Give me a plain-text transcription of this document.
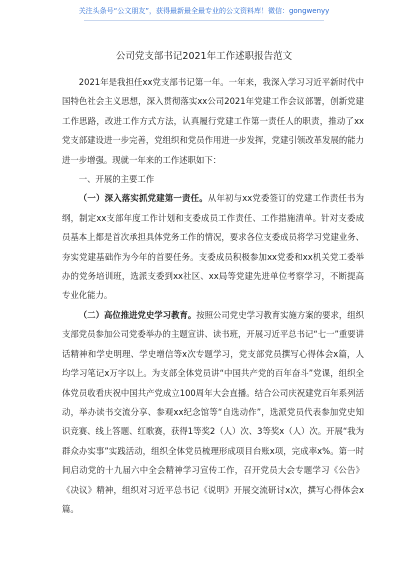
关注头条号“公文朋友”，获得最新最全最专业的公文资料库！微信：gongwenyy
公司党支部书记2021年工作述职报告范文

2021年是我担任xx党支部书记第一年。一年来，我深入学习习近平新时代中国特色社会主义思想，深入贯彻落实xx公司2021年党建工作会议部署，创新党建工作思路，改进工作方式方法，认真履行党建工作第一责任人的职责，推动了xx党支部建设进一步完善，党组织和党员作用进一步发挥，党建引领改革发展的能力进一步增强。现就一年来的工作述职如下：

一、开展的主要工作

（一）深入落实抓党建第一责任。从年初与xx党委签订的党建工作责任书为纲，制定xx支部年度工作计划和支委成员工作责任、工作措施清单。针对支委成员基本上都是首次承担具体党务工作的情况，要求各位支委成员将学习党建业务、夯实党建基础作为今年的首要任务。支委成员积极参加xx党委和xx机关党工委举办的党务培训班，选派支委到xx社区、xx局等党建先进单位考察学习，不断提高专业化能力。

（二）高位推进党史学习教育。按照公司党史学习教育实施方案的要求，组织支部党员参加公司党委举办的主题宣讲、读书班，开展习近平总书记“七一”重要讲话精神和学史明理、学史增信等x次专题学习，党支部党员撰写心得体会x篇，人均学习笔记x万字以上。为支部全体党员讲“中国共产党的百年奋斗”党课，组织全体党员收看庆祝中国共产党成立100周年大会直播。结合公司庆祝建党百年系列活动，举办读书交流分享、参观xx纪念馆等“自选动作”，选派党员代表参加党史知识竞赛、线上答题、红歌赛，获得1等奖2（人）次、3等奖x（人）次。开展“我为群众办实事”实践活动，组织全体党员梳理形成项目台账x项，完成率x%。第一时间启动党的十九届六中全会精神学习宣传工作，召开党员大会专题学习《公告》《决议》精神，组织对习近平总书记《说明》开展交流研讨x次，撰写心得体会x篇。
